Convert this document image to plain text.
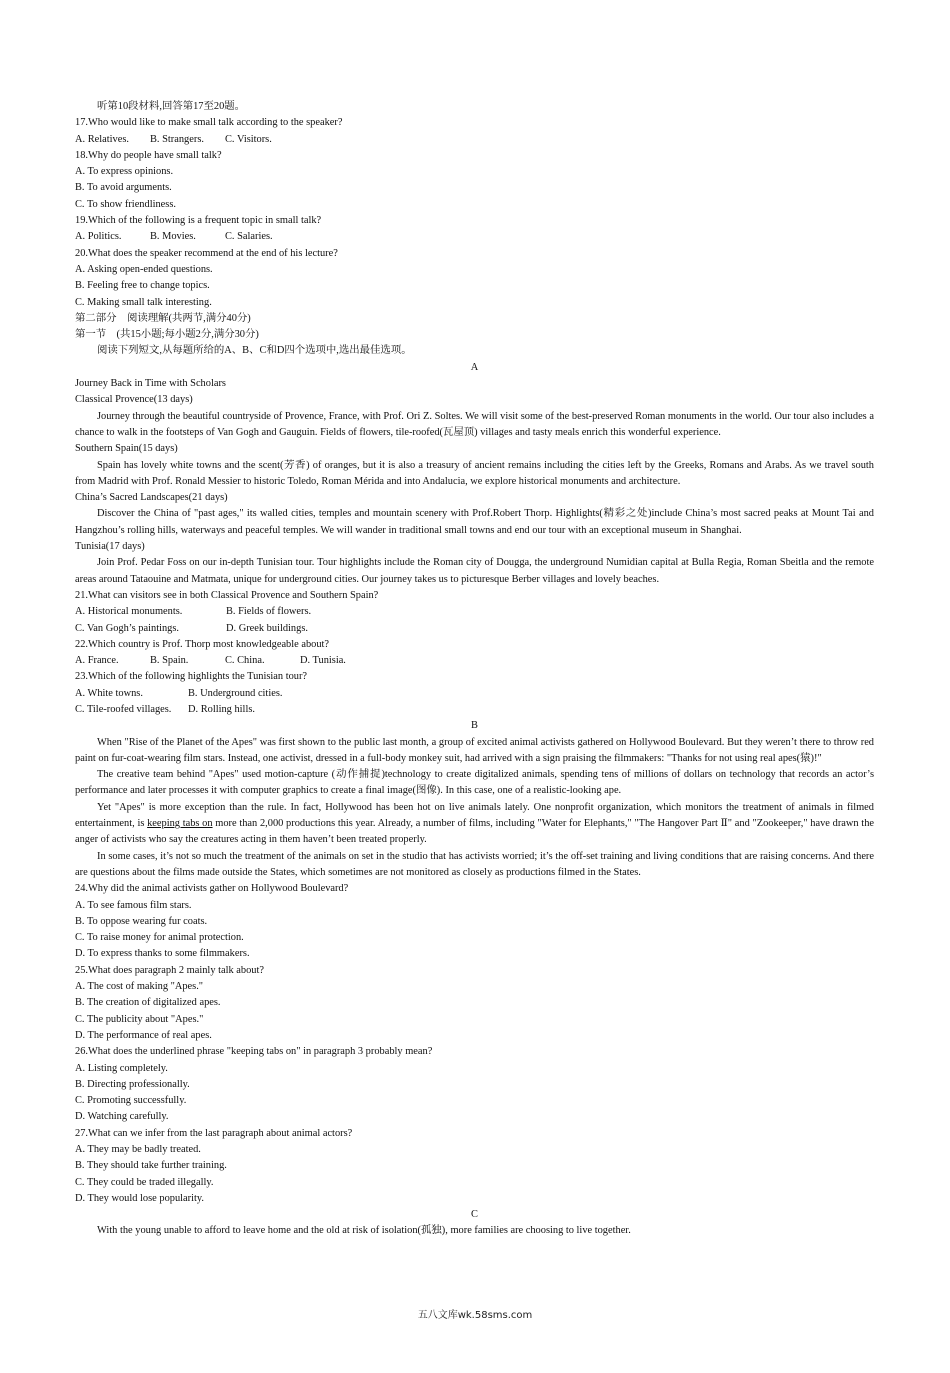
听第10段材料,回答第17至20题。

17.Who would like to make small talk according to the speaker?

A. Relatives. B. Strangers. C. Visitors.

18.Why do people have small talk?

A. To express opinions.

B. To avoid arguments.

C. To show friendliness.

19.Which of the following is a frequent topic in small talk?

A. Politics.	B. Movies.	C. Salaries.

20.What does the speaker recommend at the end of his lecture?

A. Asking open-ended questions.

B. Feeling free to change topics.

C. Making small talk interesting.

第二部分　阅读理解(共两节,满分40分)

第一节　(共15小题;每小题2分,满分30分)

阅读下列短文,从每题所给的A、B、C和D四个选项中,选出最佳选项。

A

Journey Back in Time with Scholars

Classical Provence(13 days)

Journey through the beautiful countryside of Provence, France, with Prof. Ori Z. Soltes. We will visit some of the best-preserved Roman monuments in the world. Our tour also includes a chance to walk in the footsteps of Van Gogh and Gauguin. Fields of flowers, tile-roofed(瓦屋顶) villages and tasty meals enrich this wonderful experience.

Southern Spain(15 days)

Spain has lovely white towns and the scent(芳香) of oranges, but it is also a treasury of ancient remains including the cities left by the Greeks, Romans and Arabs. As we travel south from Madrid with Prof. Ronald Messier to historic Toledo, Roman Mérida and into Andalucia, we explore historical monuments and architecture.

China’s Sacred Landscapes(21 days)

Discover the China of "past ages," its walled cities, temples and mountain scenery with Prof.Robert Thorp. Highlights(精彩之处)include China’s most sacred peaks at Mount Tai and Hangzhou’s rolling hills, waterways and peaceful temples. We will wander in traditional small towns and end our tour with an exceptional museum in Shanghai.

Tunisia(17 days)

Join Prof. Pedar Foss on our in-depth Tunisian tour. Tour highlights include the Roman city of Dougga, the underground Numidian capital at Bulla Regia, Roman Sbeitla and the remote areas around Tataouine and Matmata, unique for underground cities. Our journey takes us to picturesque Berber villages and lovely beaches.

21.What can visitors see in both Classical Provence and Southern Spain?

A. Historical monuments.	B. Fields of flowers.

C. Van Gogh’s paintings.	D. Greek buildings.

22.Which country is Prof. Thorp most knowledgeable about?

A. France.	B. Spain.	C. China.	D. Tunisia.

23.Which of the following highlights the Tunisian tour?

A. White towns.	B. Underground cities.

C. Tile-roofed villages. D. Rolling hills.

B

When "Rise of the Planet of the Apes" was first shown to the public last month, a group of excited animal activists gathered on Hollywood Boulevard. But they weren’t there to throw red paint on fur-coat-wearing film stars. Instead, one activist, dressed in a full-body monkey suit, had arrived with a sign praising the filmmakers: "Thanks for not using real apes(猿)!"

The creative team behind "Apes" used motion-capture (动作捕捉)technology to create digitalized animals, spending tens of millions of dollars on technology that records an actor’s performance and later processes it with computer graphics to create a final image(图像). In this case, one of a realistic-looking ape.

Yet "Apes" is more exception than the rule. In fact, Hollywood has been hot on live animals lately. One nonprofit organization, which monitors the treatment of animals in filmed entertainment, is keeping tabs on more than 2,000 productions this year. Already, a number of films, including "Water for Elephants," "The Hangover Part Ⅱ" and "Zookeeper," have drawn the anger of activists who say the creatures acting in them haven’t been treated properly.

In some cases, it’s not so much the treatment of the animals on set in the studio that has activists worried; it’s the off-set training and living conditions that are raising concerns. And there are questions about the films made outside the States, which sometimes are not monitored as closely as productions filmed in the States.

24.Why did the animal activists gather on Hollywood Boulevard?

A. To see famous film stars.

B. To oppose wearing fur coats.

C. To raise money for animal protection.

D. To express thanks to some filmmakers.

25.What does paragraph 2 mainly talk about?

A. The cost of making "Apes."

B. The creation of digitalized apes.

C. The publicity about "Apes."

D. The performance of real apes.

26.What does the underlined phrase "keeping tabs on" in paragraph 3 probably mean?

A. Listing completely.

B. Directing professionally.

C. Promoting successfully.

D. Watching carefully.

27.What can we infer from the last paragraph about animal actors?

A. They may be badly treated.

B. They should take further training.

C. They could be traded illegally.

D. They would lose popularity.

C

With the young unable to afford to leave home and the old at risk of isolation(孤独), more families are choosing to live together.

五八文库wk.58sms.com
